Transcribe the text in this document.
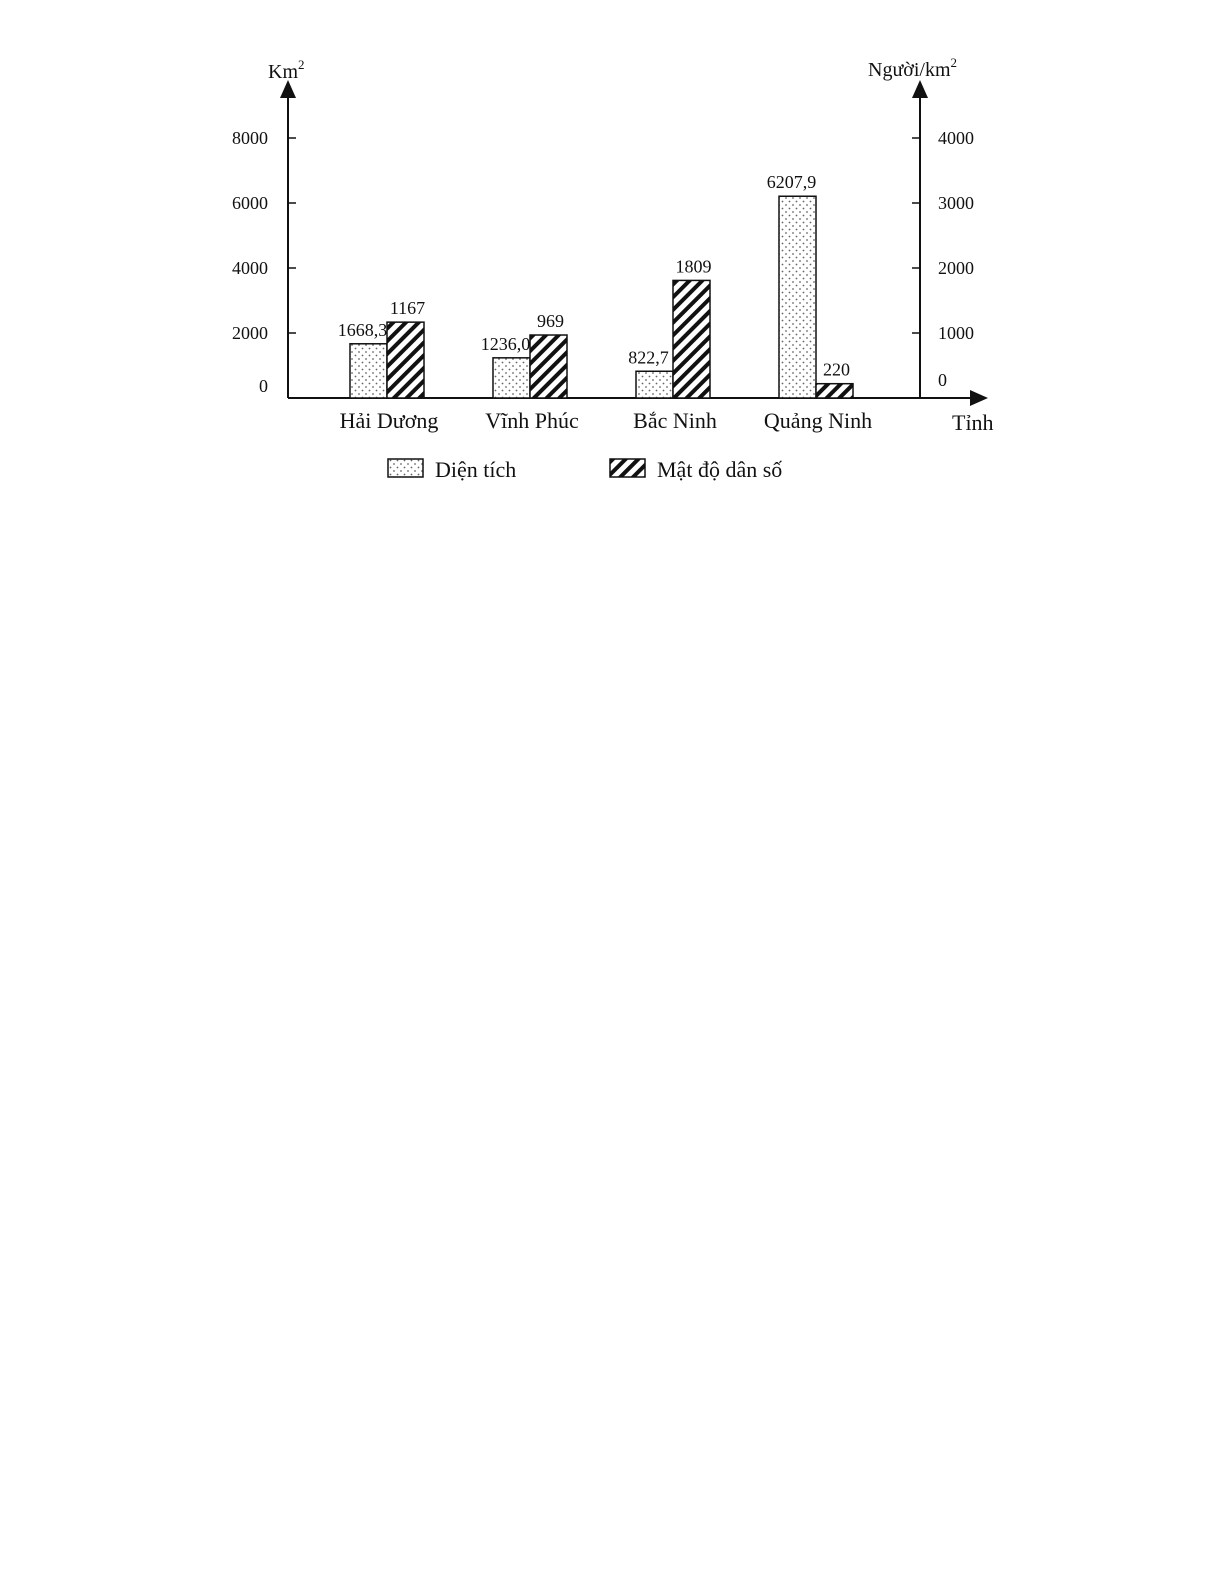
Km$^2$	Người/$km^2$
Tỉnh
0
2000
4000
6000
8000
0
1000
2000
3000
4000
1668,3
1167
1236,0
969
822,7
1809
6207,9
220
Hải Dương Vĩnh Phúc Bắc Ninh Quảng Ninh
Diện tích	Mật độ dân số
